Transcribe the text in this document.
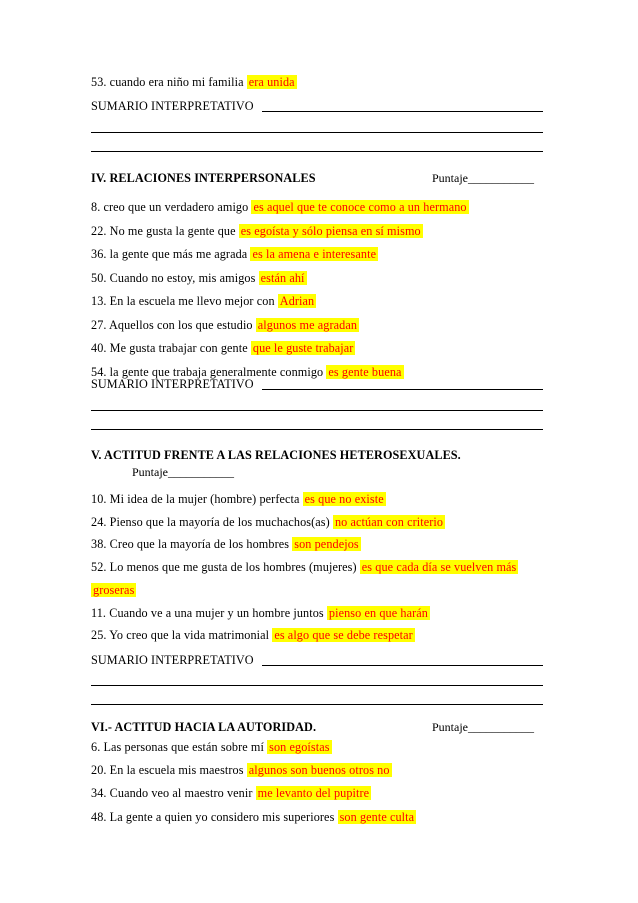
53. cuando era niño mi familia era unida
SUMARIO INTERPRETATIVO
IV. RELACIONES INTERPERSONALES	Puntaje___________
8. creo que un verdadero amigo es aquel que te conoce como a un hermano
22. No me gusta la gente que es egoísta y sólo piensa en sí mismo
36. la gente que más me agrada es la amena e interesante
50. Cuando no estoy, mis amigos están ahí
13. En la escuela me llevo mejor con Adrian
27. Aquellos con los que estudio algunos me agradan
40. Me gusta trabajar con gente que le guste trabajar
54. la gente que trabaja generalmente conmigo es gente buena
SUMARIO INTERPRETATIVO
V. ACTITUD FRENTE A LAS RELACIONES HETEROSEXUALES.
Puntaje___________
10. Mi idea de la mujer (hombre) perfecta es que no existe
24. Pienso que la mayoría de los muchachos(as) no actúan con criterio
38. Creo que la mayoría de los hombres son pendejos
52. Lo menos que me gusta de los hombres (mujeres) es que cada día se vuelven más
groseras
11. Cuando ve a una mujer y un hombre juntos pienso en que harán
25. Yo creo que la vida matrimonial es algo que se debe respetar
SUMARIO INTERPRETATIVO
VI.- ACTITUD HACIA LA AUTORIDAD.	Puntaje___________
6. Las personas que están sobre mí son egoístas
20. En la escuela mis maestros algunos son buenos otros no
34. Cuando veo al maestro venir me levanto del pupitre
48. La gente a quien yo considero mis superiores son gente culta
